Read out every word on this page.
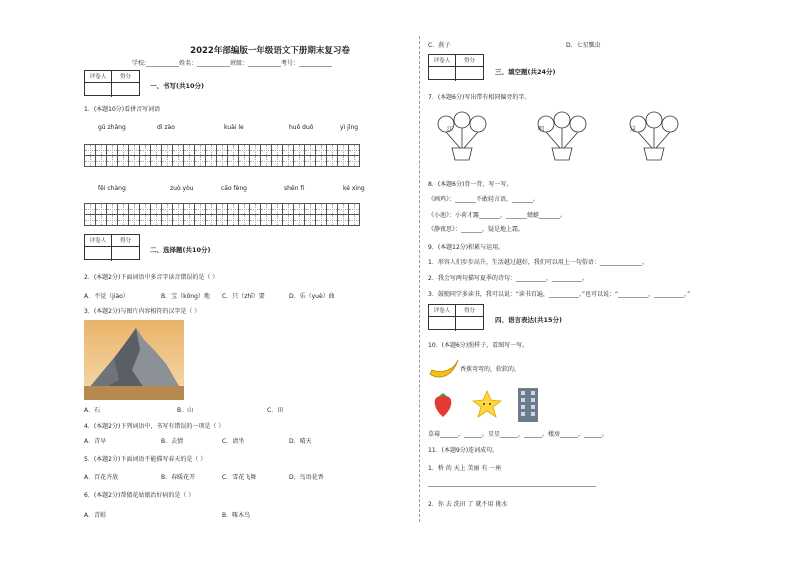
2022年部编版一年级语文下册期末复习卷
学校:___________姓名：___________班级：___________考号：___________
评卷人	得分
一、书写(共10分)
1．(本题10分)看拼音写词语
gū zhǎng	dì zào	kuài le	huǒ duō	yì jǐng
fēi chàng	zuò yòu	cāo fèng	shēn fī	ké xìng
评卷人	得分
二、选择题(共10分)
2．(本题2分)下面词语中多音字读音错误的是（ ）
A．不觉（jiào）	B．宝（kōng）地 C．只（zhī）要	D．乐（yuè）曲
3．(本题2分)与图片内容相符的汉字是（ ）
A．石	B．山	C．田
4．(本题2分)下列词语中，书写有错误的一项是（ ）
A．青早	B．去情	C．请坐	D．晴天
5．(本题2分)下面词语不能描写春天的是（ ）
A．百花齐放	B．春暖花开	C．雪花飞舞	D．鸟语花香
6．(本题2分)帮猜花姑娘治好病的是（ ）
A．青蛙	B．啄木鸟
C．燕子	D．七星瓢虫
评卷人	得分
三、填空题(共24分)
7．(本题6分)写出带有相同偏旁的字。
江	唱	这
8．(本题6分)背一背，写一写。
《画鸡》：_______不敢轻言语，_______。
《小池》：小荷才露_______，_______蜻蜓_______。
《静夜思》：_______，疑是地上霜。
9．(本题12分)积累与运用。
1．形容人们步步高升，生活越过越好，我们可以用上一句俗语：______________。
2．我会写两句描写夏季的诗句：__________，__________。
3．鼓励同学多读书，我可以说：“读书百遍，__________。”也可以说：“__________，__________。”
评卷人	得分
四、语言表达(共15分)
10．(本题6分)照样子，看图写一写。
香蕉弯弯的，软软的。
草莓______，______。星星______，______。楼房______，______。
11．(本题9分)连词成句。
1．桥 的 天上 美丽 有 一座
________________________________________________________
2．你 去 洗田 了 就不用 挑水
